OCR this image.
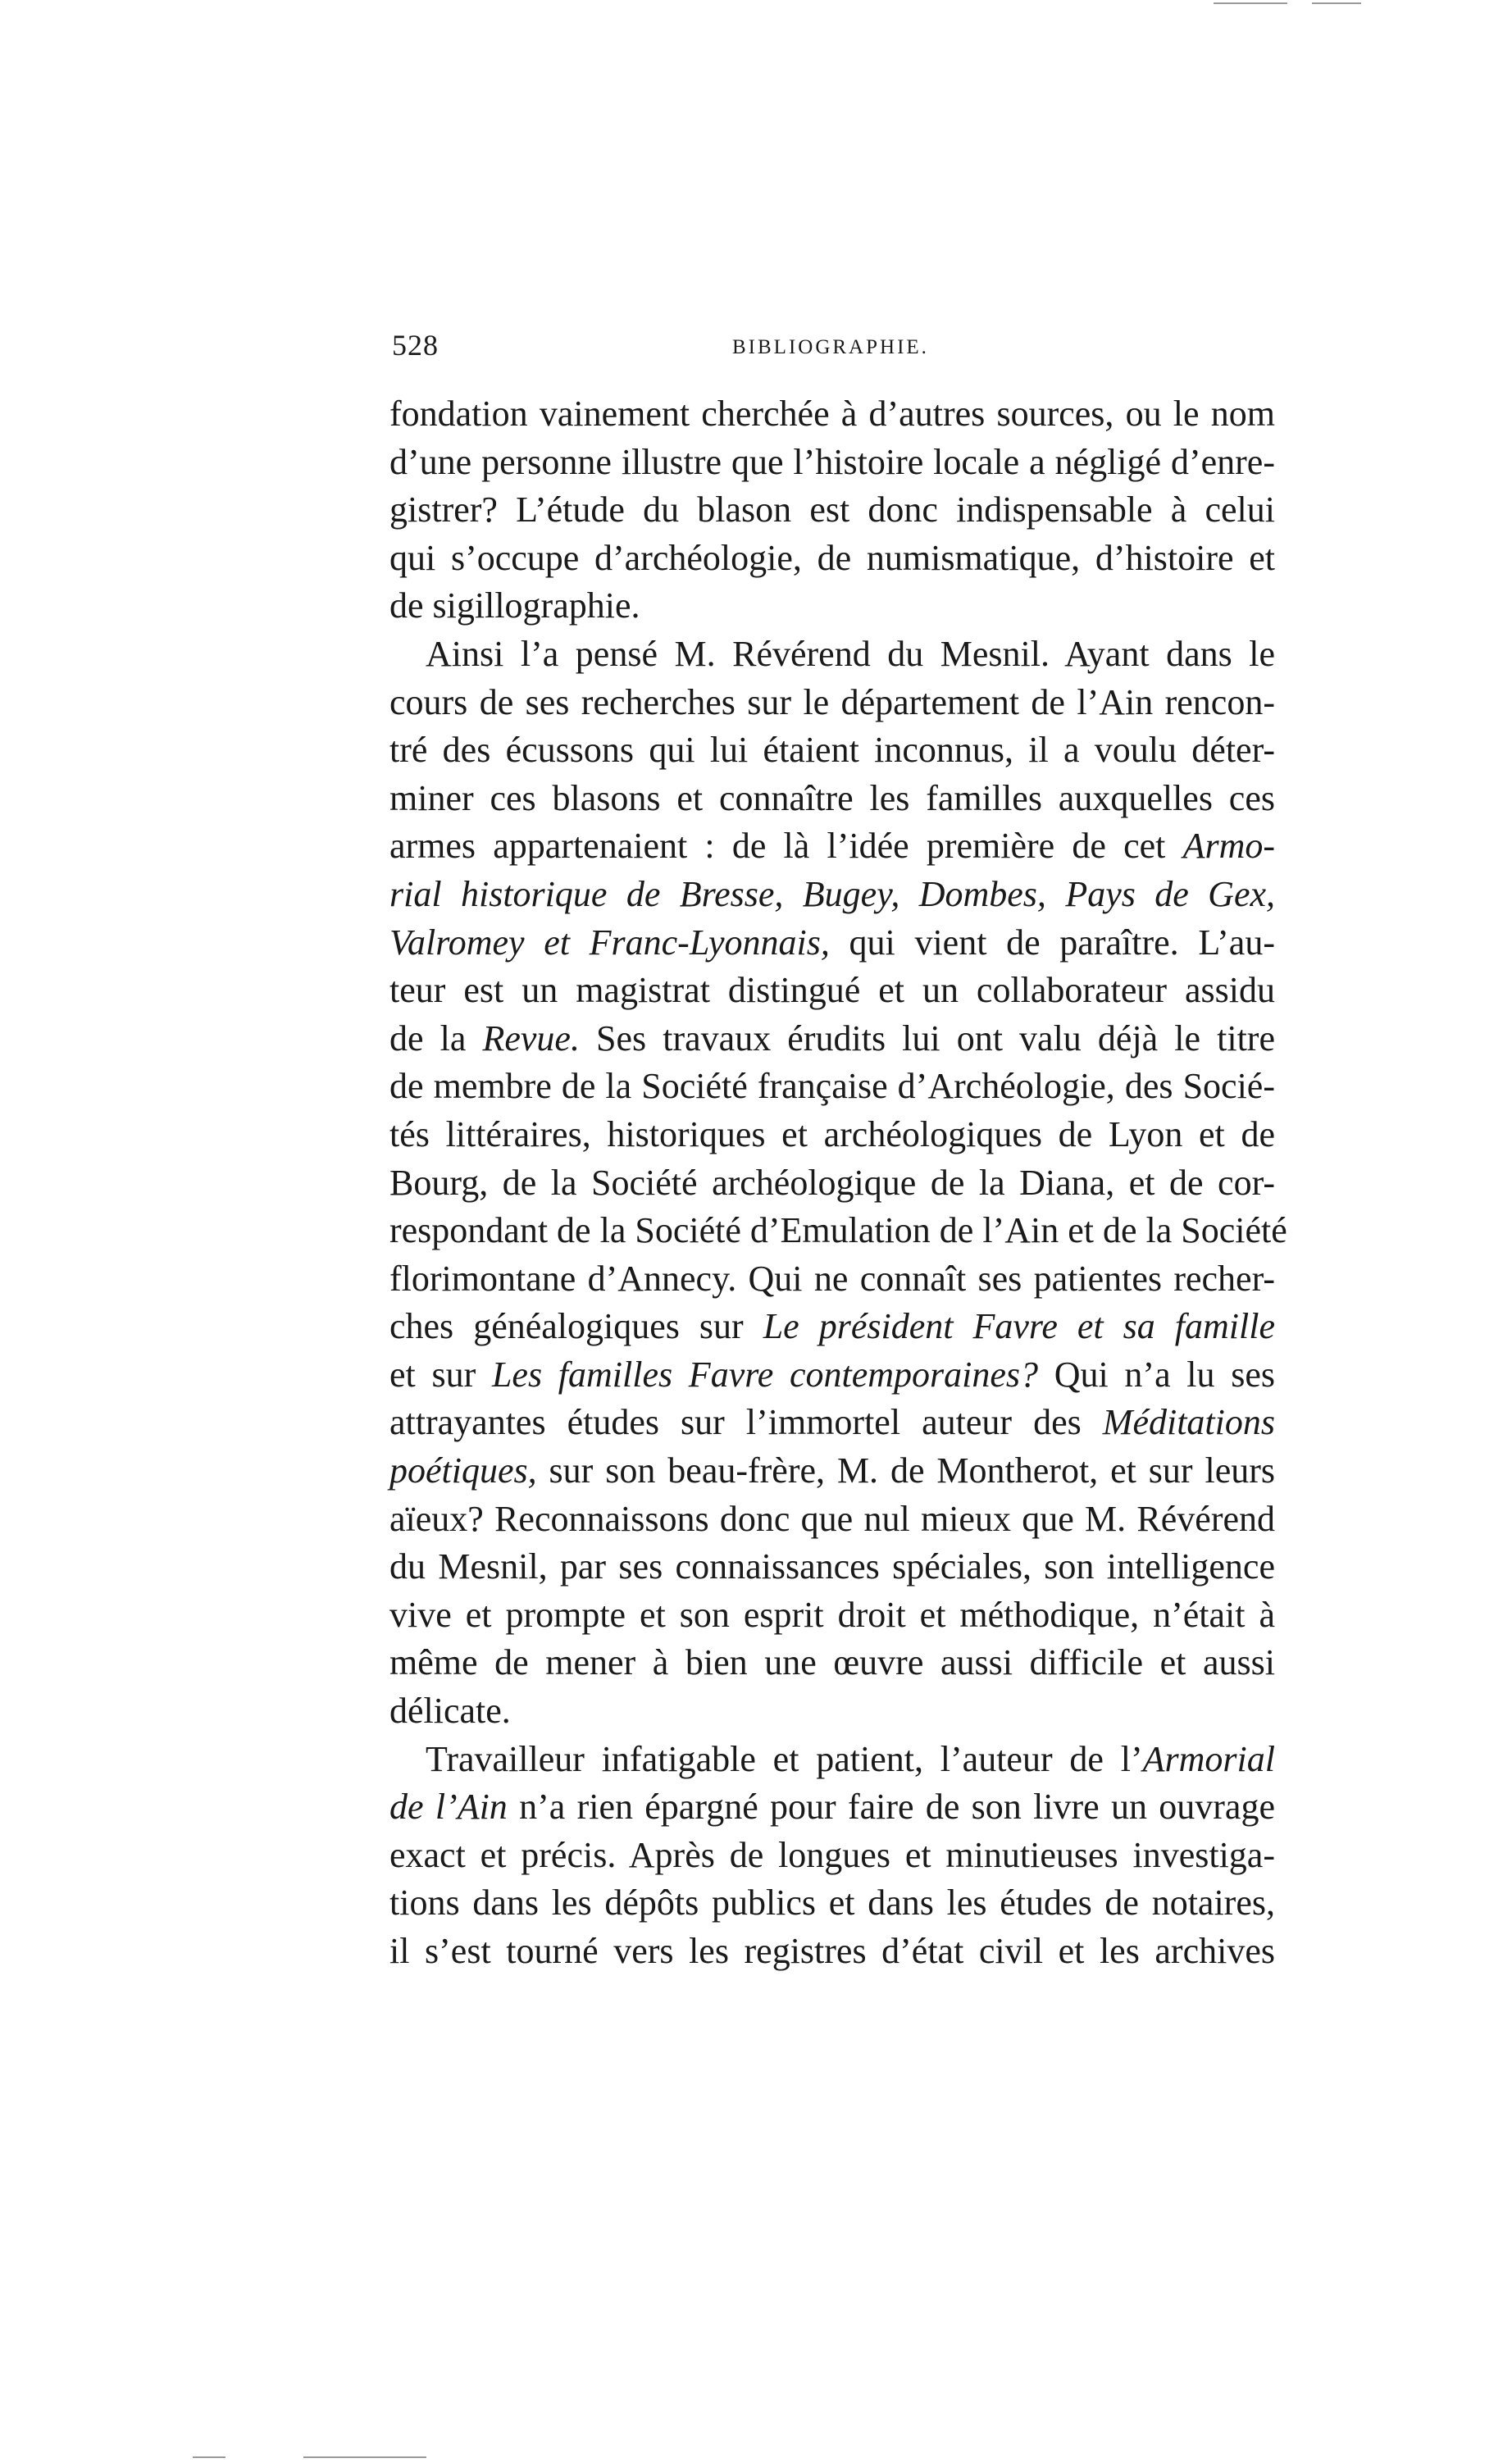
528	BIBLIOGRAPHIE.
fondation vainement cherchée à d’autres sources, ou le nom
d’une personne illustre que l’histoire locale a négligé d’enre-
gistrer? L’étude du blason est donc indispensable à celui
qui s’occupe d’archéologie, de numismatique, d’histoire et
de sigillographie.
Ainsi l’a pensé M. Révérend du Mesnil. Ayant dans le
cours de ses recherches sur le département de l’Ain rencon-
tré des écussons qui lui étaient inconnus, il a voulu déter-
miner ces blasons et connaître les familles auxquelles ces
armes appartenaient : de là l’idée première de cet Armo-
rial historique de Bresse, Bugey, Dombes, Pays de Gex,
Valromey et Franc-Lyonnais, qui vient de paraître. L’au-
teur est un magistrat distingué et un collaborateur assidu
de la Revue. Ses travaux érudits lui ont valu déjà le titre
de membre de la Société française d’Archéologie, des Socié-
tés littéraires, historiques et archéologiques de Lyon et de
Bourg, de la Société archéologique de la Diana, et de cor-
respondant de la Société d’Emulation de l’Ain et de la Société
florimontane d’Annecy. Qui ne connaît ses patientes recher-
ches généalogiques sur Le président Favre et sa famille
et sur Les familles Favre contemporaines? Qui n’a lu ses
attrayantes études sur l’immortel auteur des Méditations
poétiques, sur son beau-frère, M. de Montherot, et sur leurs
aïeux? Reconnaissons donc que nul mieux que M. Révérend
du Mesnil, par ses connaissances spéciales, son intelligence
vive et prompte et son esprit droit et méthodique, n’était à
même de mener à bien une œuvre aussi difficile et aussi
délicate.
Travailleur infatigable et patient, l’auteur de l’Armorial
de l’Ain n’a rien épargné pour faire de son livre un ouvrage
exact et précis. Après de longues et minutieuses investiga-
tions dans les dépôts publics et dans les études de notaires,
il s’est tourné vers les registres d’état civil et les archives
